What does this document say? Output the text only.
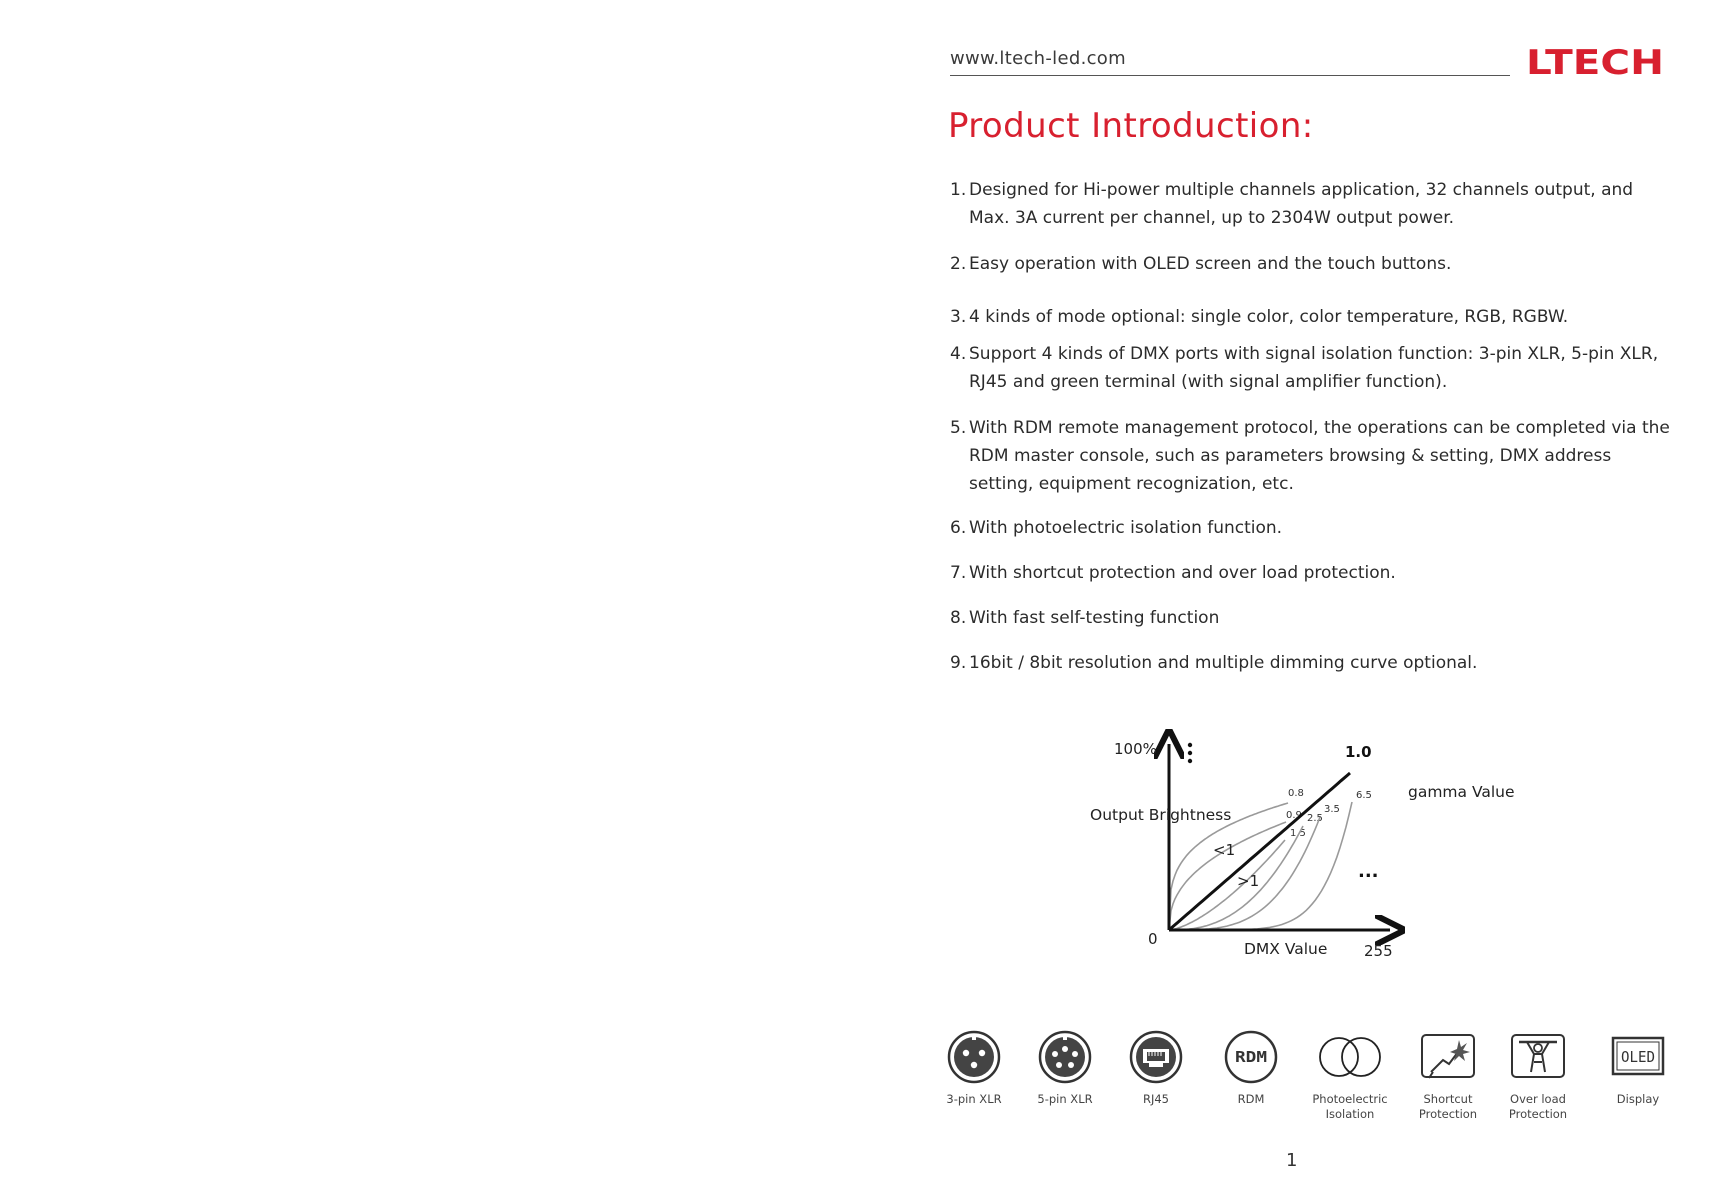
www.ltech-led.com	LTECH
Product Introduction:
1. Designed for Hi-power multiple channels application, 32 channels output, and Max. 3A current per channel, up to 2304W output power.
2. Easy operation with OLED screen and the touch buttons.
3. 4 kinds of mode optional: single color, color temperature, RGB, RGBW.
4. Support 4 kinds of DMX ports with signal isolation function: 3-pin XLR, 5-pin XLR, RJ45 and green terminal (with signal amplifier function).
5. With RDM remote management protocol, the operations can be completed via the RDM master console, such as parameters browsing & setting, DMX address setting, equipment recognization, etc.
6. With photoelectric isolation function.
7. With shortcut protection and over load protection.
8. With fast self-testing function
9. 16bit / 8bit resolution and multiple dimming curve optional.
0.8
0.9
1.5
2.5
3.5
6.5
100%
Output Brightness
0
DMX Value 255
gamma Value
1.0
<1
>1	...
3-pin XLR	5-pin XLR	RJ45
RDM
RDM	Photoelectric Isolation
Shortcut Protection
Over load Protection
OLED
Display
1
